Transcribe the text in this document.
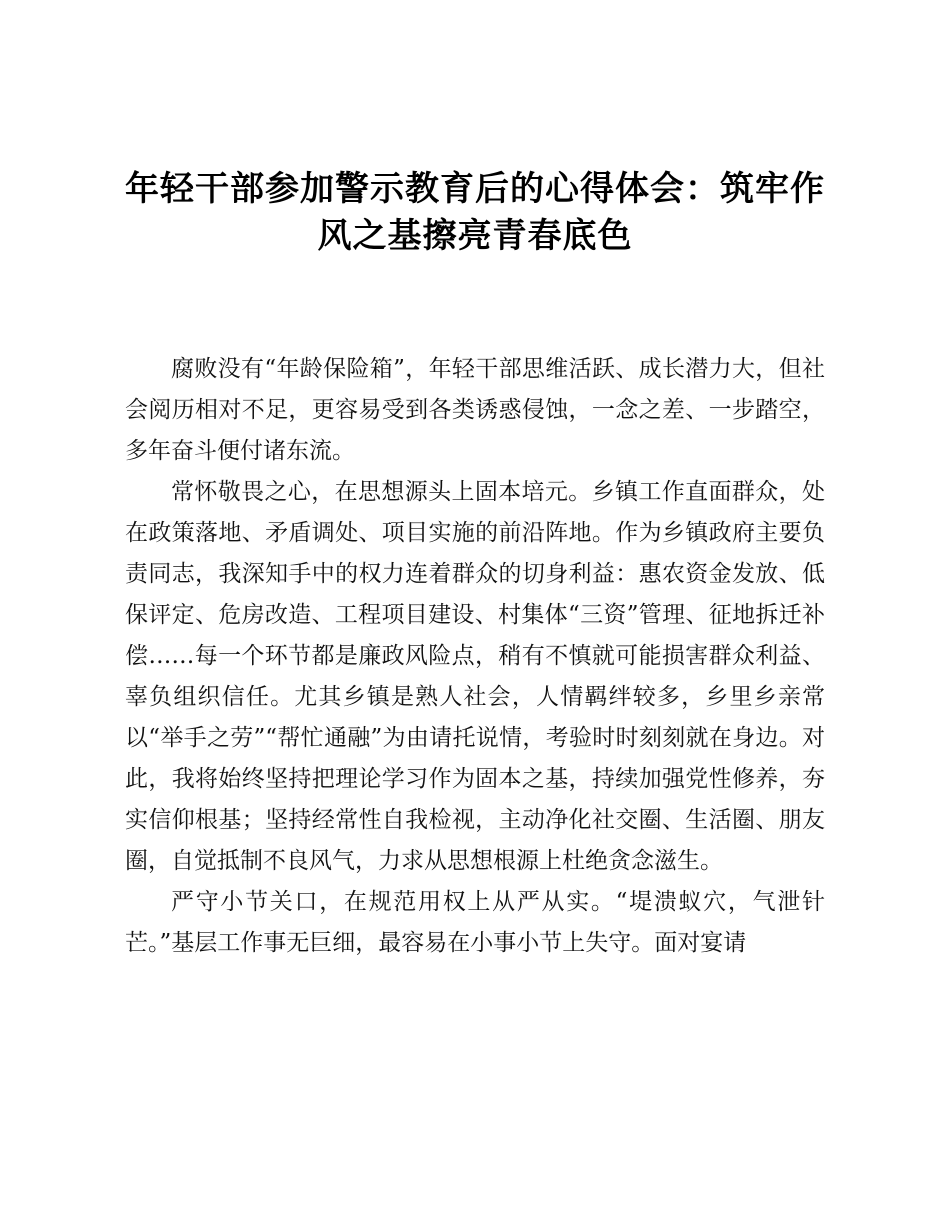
年轻干部参加警示教育后的心得体会：筑牢作风之基擦亮青春底色

腐败没有“年龄保险箱”，年轻干部思维活跃、成长潜力大，但社会阅历相对不足，更容易受到各类诱惑侵蚀，一念之差、一步踏空，多年奋斗便付诸东流。

常怀敬畏之心，在思想源头上固本培元。乡镇工作直面群众，处在政策落地、矛盾调处、项目实施的前沿阵地。作为乡镇政府主要负责同志，我深知手中的权力连着群众的切身利益：惠农资金发放、低保评定、危房改造、工程项目建设、村集体“三资”管理、征地拆迁补偿……每一个环节都是廉政风险点，稍有不慎就可能损害群众利益、辜负组织信任。尤其乡镇是熟人社会，人情羁绊较多，乡里乡亲常以“举手之劳”“帮忙通融”为由请托说情，考验时时刻刻就在身边。对此，我将始终坚持把理论学习作为固本之基，持续加强党性修养，夯实信仰根基；坚持经常性自我检视，主动净化社交圈、生活圈、朋友圈，自觉抵制不良风气，力求从思想根源上杜绝贪念滋生。

严守小节关口，在规范用权上从严从实。“堤溃蚁穴，气泄针芒。”基层工作事无巨细，最容易在小事小节上失守。面对宴请
